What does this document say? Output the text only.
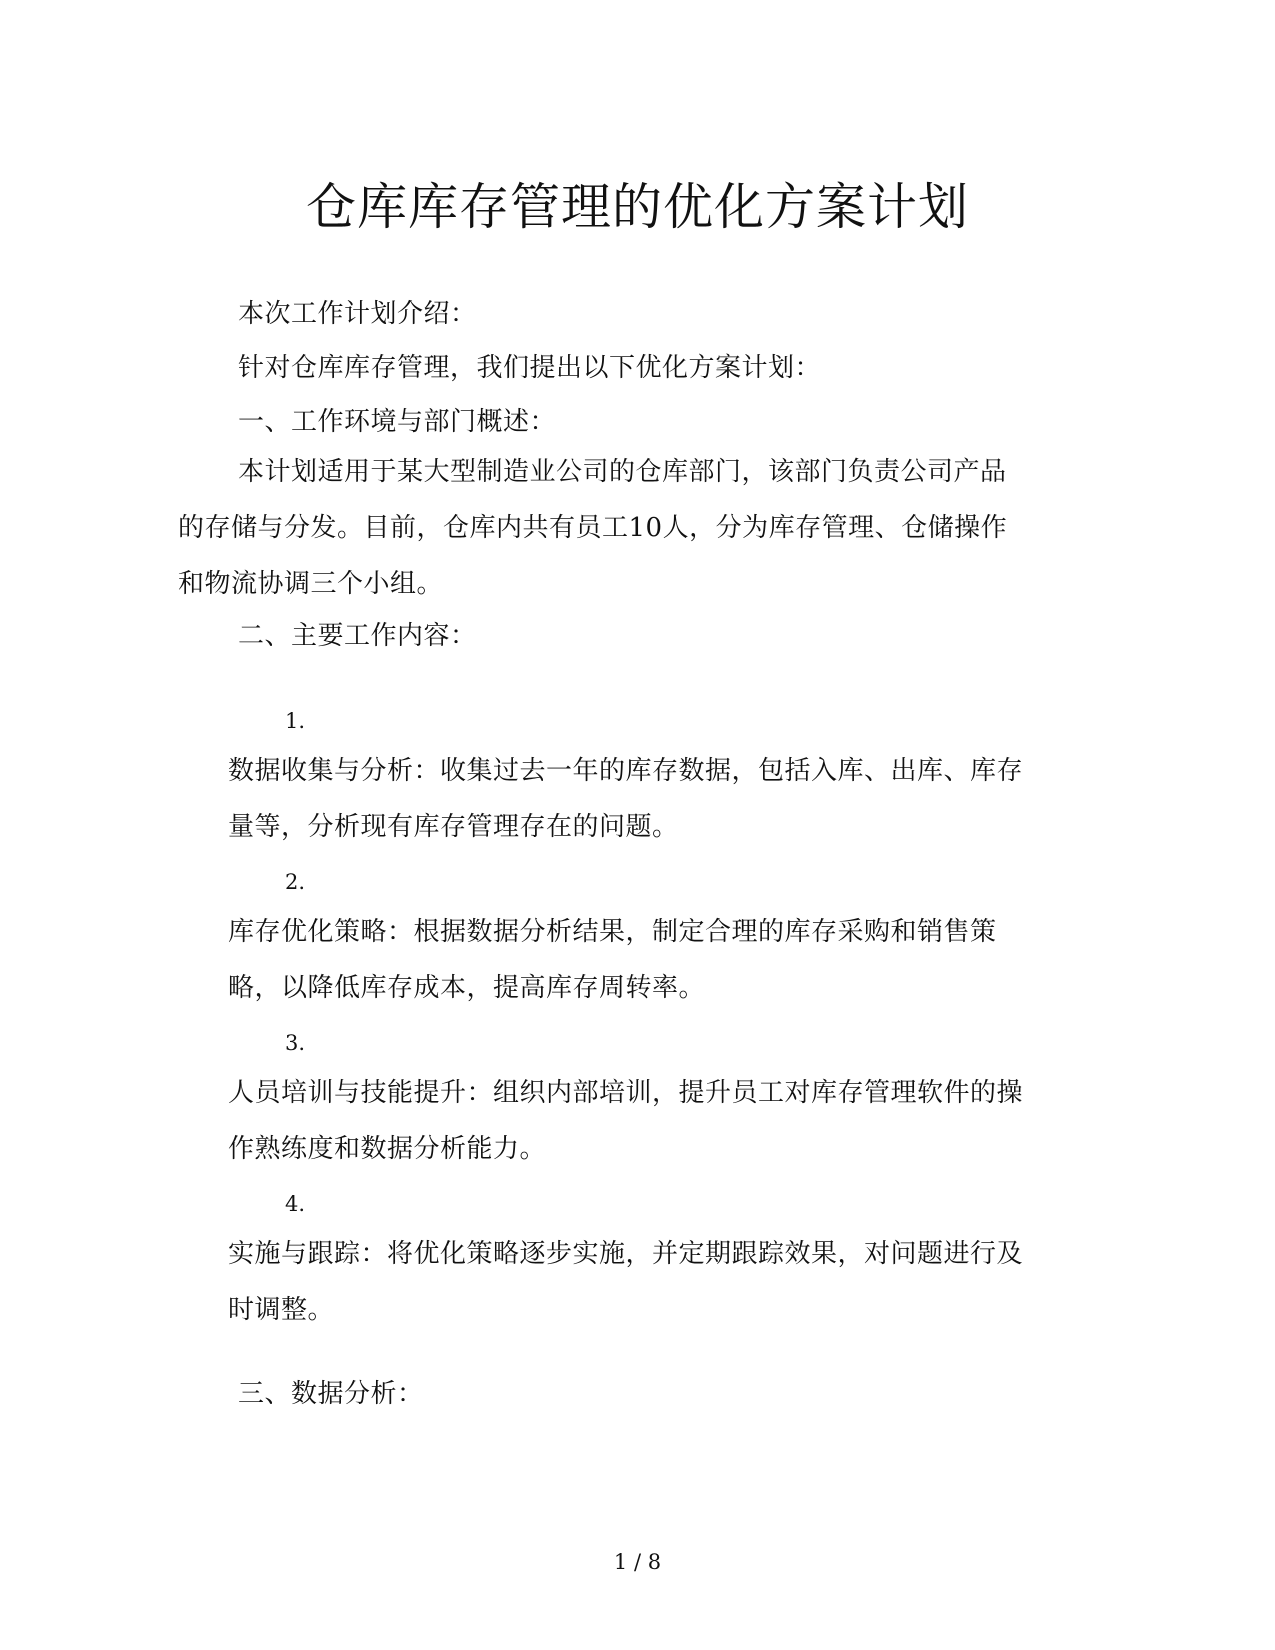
仓库库存管理的优化方案计划
本次工作计划介绍：
针对仓库库存管理，我们提出以下优化方案计划：
一、工作环境与部门概述：

本计划适用于某大型制造业公司的仓库部门，该部门负责公司产品的存储与分发。目前，仓库内共有员工10人，分为库存管理、仓储操作和物流协调三个小组。

二、主要工作内容：
1.

数据收集与分析：收集过去一年的库存数据，包括入库、出库、库存量等，分析现有库存管理存在的问题。

2.

库存优化策略：根据数据分析结果，制定合理的库存采购和销售策略，以降低库存成本，提高库存周转率。

3.

人员培训与技能提升：组织内部培训，提升员工对库存管理软件的操作熟练度和数据分析能力。

4.

实施与跟踪：将优化策略逐步实施，并定期跟踪效果，对问题进行及时调整。

三、数据分析：
1 / 8
